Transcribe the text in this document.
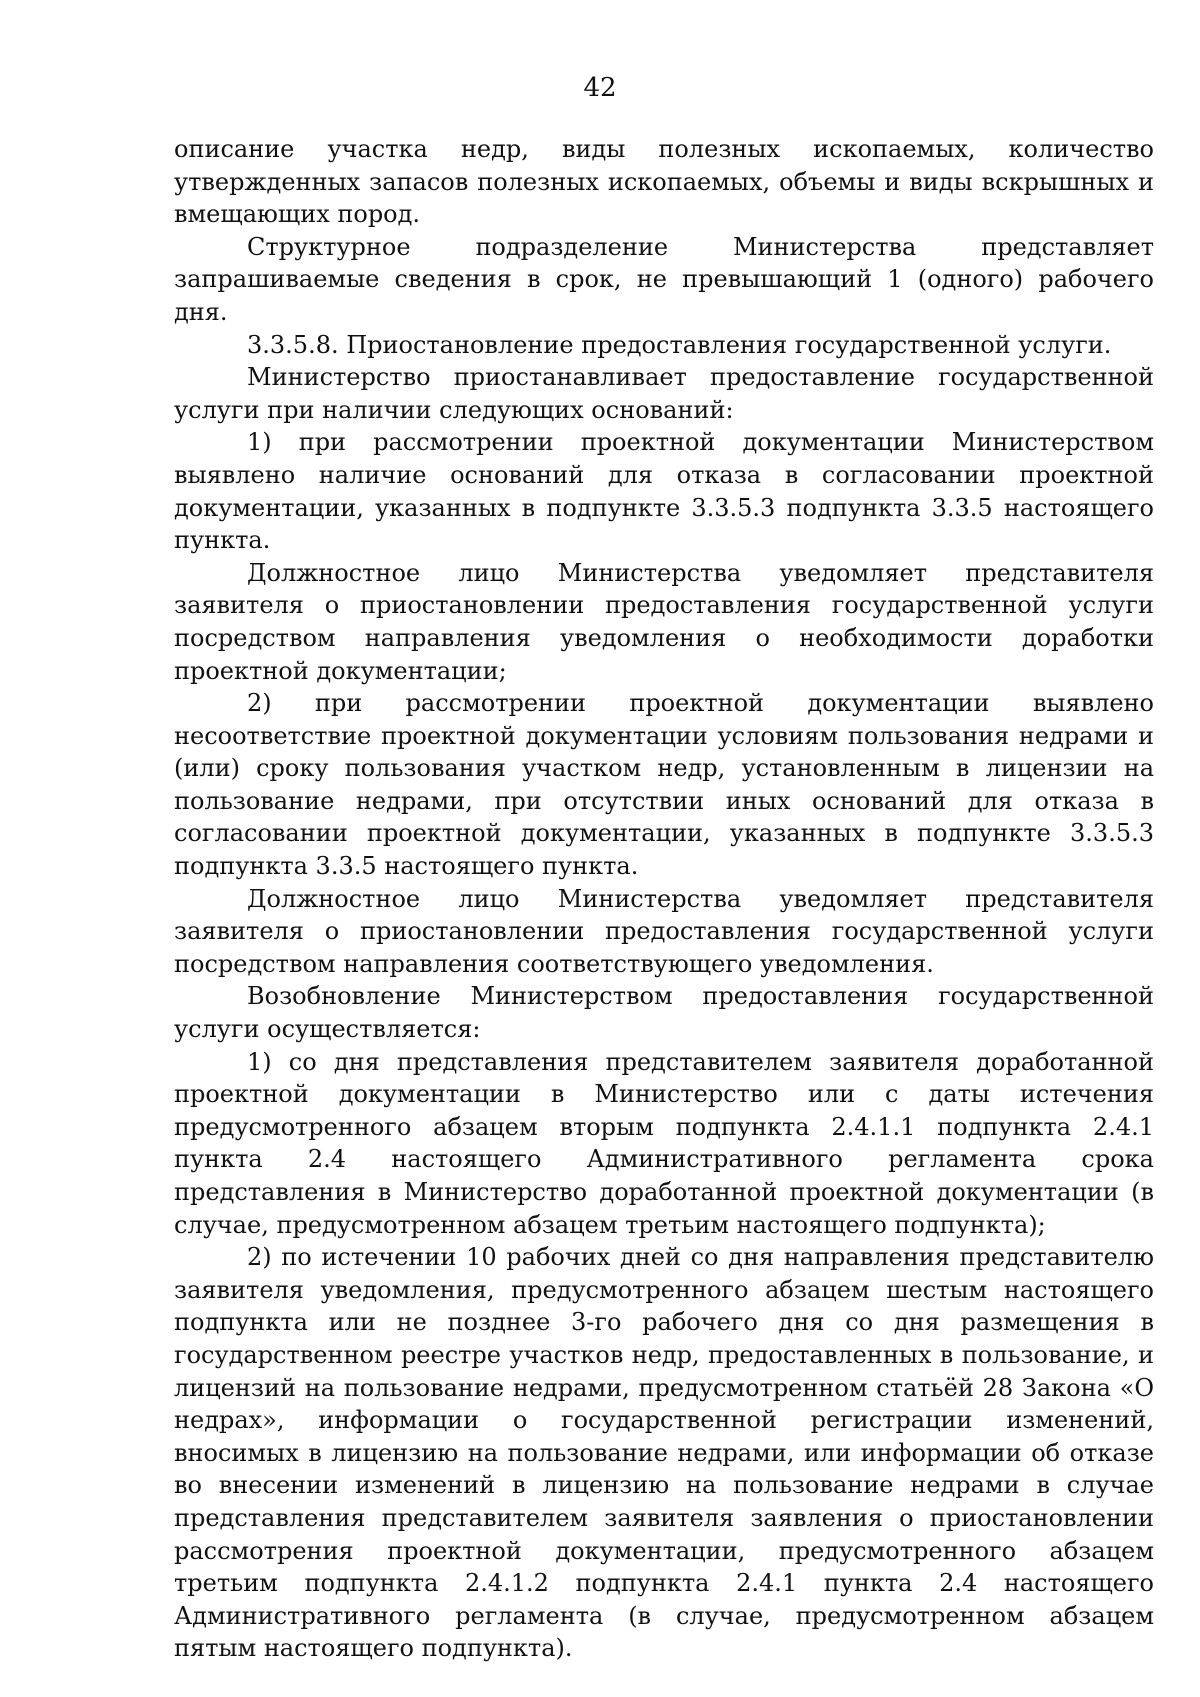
42

описание участка недр, виды полезных ископаемых, количество утвержденных запасов полезных ископаемых, объемы и виды вскрышных и вмещающих пород.

Структурное подразделение Министерства представляет запрашиваемые сведения в срок, не превышающий 1 (одного) рабочего дня.

3.3.5.8. Приостановление предоставления государственной услуги.

Министерство приостанавливает предоставление государственной услуги при наличии следующих оснований:

1) при рассмотрении проектной документации Министерством выявлено наличие оснований для отказа в согласовании проектной документации, указанных в подпункте 3.3.5.3 подпункта 3.3.5 настоящего пункта.

Должностное лицо Министерства уведомляет представителя заявителя о приостановлении предоставления государственной услуги посредством направления уведомления о необходимости доработки проектной документации;

2) при рассмотрении проектной документации выявлено несоответствие проектной документации условиям пользования недрами и (или) сроку пользования участком недр, установленным в лицензии на пользование недрами, при отсутствии иных оснований для отказа в согласовании проектной документации, указанных в подпункте 3.3.5.3 подпункта 3.3.5 настоящего пункта.

Должностное лицо Министерства уведомляет представителя заявителя о приостановлении предоставления государственной услуги посредством направления соответствующего уведомления.

Возобновление Министерством предоставления государственной услуги осуществляется:

1) со дня представления представителем заявителя доработанной проектной документации в Министерство или с даты истечения предусмотренного абзацем вторым подпункта 2.4.1.1 подпункта 2.4.1 пункта 2.4 настоящего Административного регламента срока представления в Министерство доработанной проектной документации (в случае, предусмотренном абзацем третьим настоящего подпункта);

2) по истечении 10 рабочих дней со дня направления представителю заявителя уведомления, предусмотренного абзацем шестым настоящего подпункта или не позднее 3-го рабочего дня со дня размещения в государственном реестре участков недр, предоставленных в пользование, и лицензий на пользование недрами, предусмотренном статьёй 28 Закона «О недрах», информации о государственной регистрации изменений, вносимых в лицензию на пользование недрами, или информации об отказе во внесении изменений в лицензию на пользование недрами в случае представления представителем заявителя заявления о приостановлении рассмотрения проектной документации, предусмотренного абзацем третьим подпункта 2.4.1.2 подпункта 2.4.1 пункта 2.4 настоящего Административного регламента (в случае, предусмотренном абзацем пятым настоящего подпункта).
